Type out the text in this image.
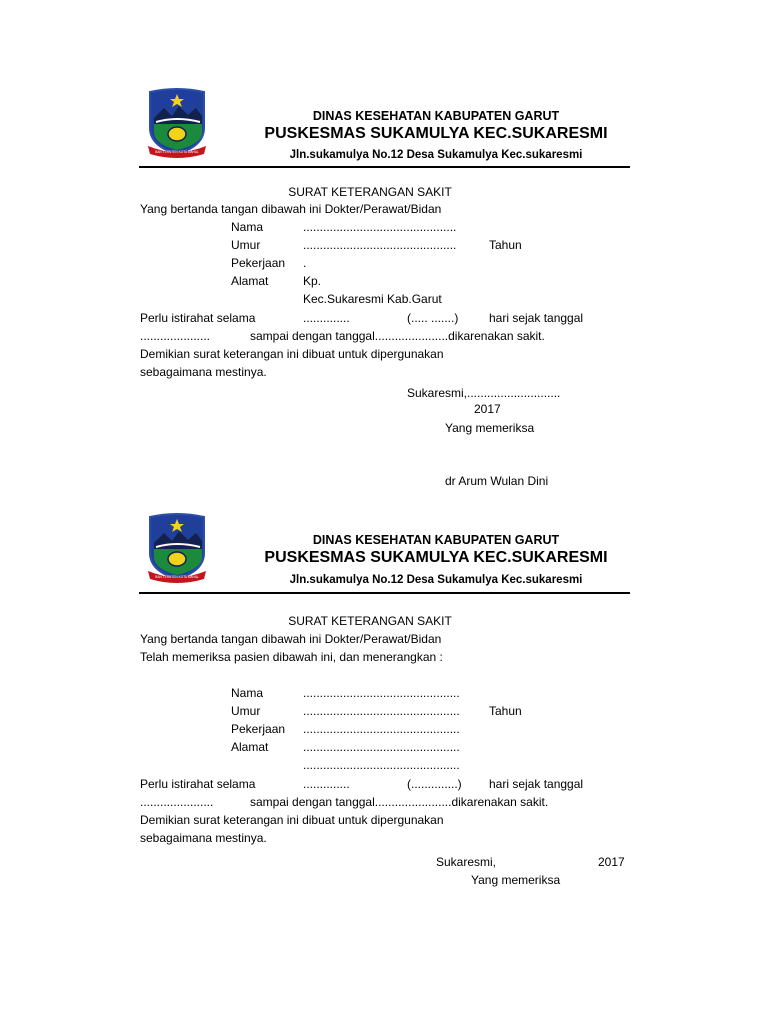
BAN TERNTEN KOTA MAHAL
DINAS KESEHATAN KABUPATEN GARUT
PUSKESMAS SUKAMULYA KEC.SUKARESMI
Jln.sukamulya No.12 Desa Sukamulya Kec.sukaresmi
SURAT KETERANGAN SAKIT
Yang bertanda tangan dibawah ini Dokter/Perawat/Bidan
Nama	..............................................
Umur	..............................................	Tahun
Pekerjaan .
Alamat	Kp.
Kec.Sukaresmi Kab.Garut
Perlu istirahat selama	..............	(..... .......)	hari sejak tanggal
.....................	sampai dengan tanggal......................dikarenakan sakit.
Demikian surat keterangan ini dibuat untuk dipergunakan
sebagaimana mestinya.
Sukaresmi,............................
2017
Yang memeriksa
dr Arum Wulan Dini
BAN TERNTEN KOTA MAHAL
DINAS KESEHATAN KABUPATEN GARUT
PUSKESMAS SUKAMULYA KEC.SUKARESMI
Jln.sukamulya No.12 Desa Sukamulya Kec.sukaresmi
SURAT KETERANGAN SAKIT
Yang bertanda tangan dibawah ini Dokter/Perawat/Bidan
Telah memeriksa pasien dibawah ini, dan menerangkan :
Nama	...............................................
Umur	............................................... Tahun
Pekerjaan ...............................................
Alamat	...............................................
...............................................
Perlu istirahat selama	..............	(..............) hari sejak tanggal
......................	sampai dengan tanggal.......................dikarenakan sakit.
Demikian surat keterangan ini dibuat untuk dipergunakan
sebagaimana mestinya.
Sukaresmi,	2017
Yang memeriksa
